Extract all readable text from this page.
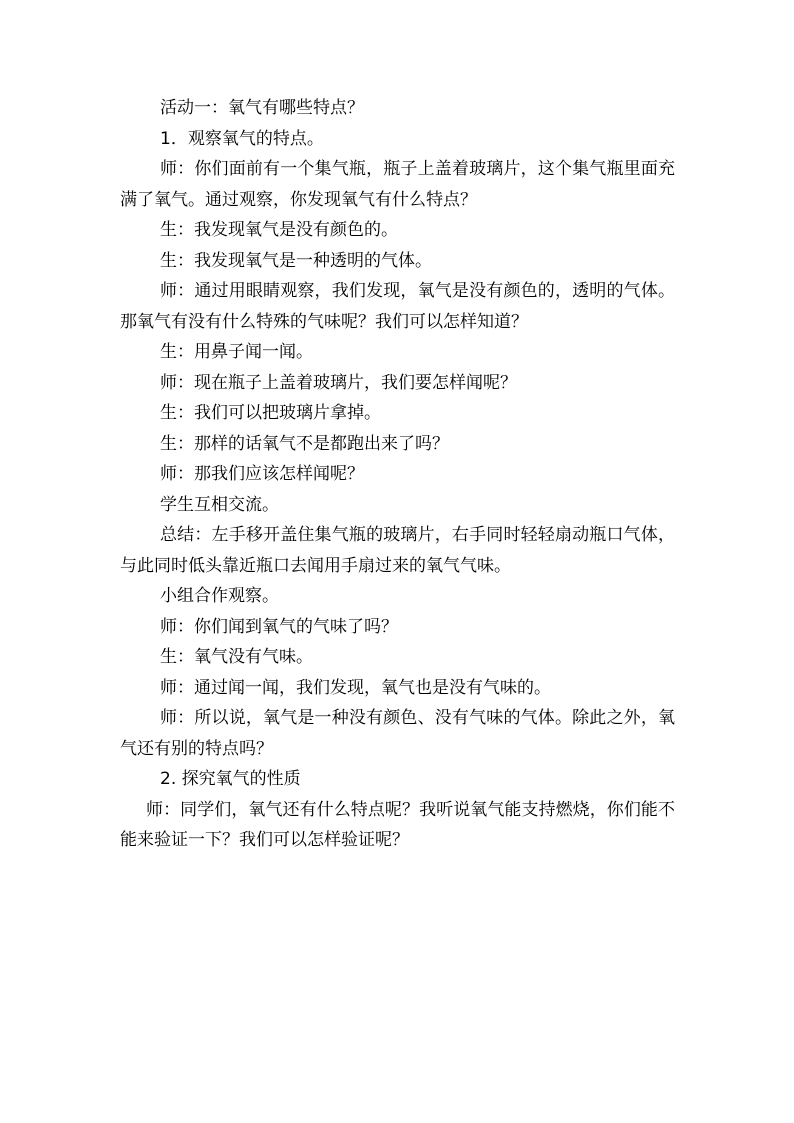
活动一：氧气有哪些特点？

1．观察氧气的特点。

师：你们面前有一个集气瓶，瓶子上盖着玻璃片，这个集气瓶里面充满了氧气。通过观察，你发现氧气有什么特点？

生：我发现氧气是没有颜色的。

生：我发现氧气是一种透明的气体。

师：通过用眼睛观察，我们发现，氧气是没有颜色的，透明的气体。那氧气有没有什么特殊的气味呢？我们可以怎样知道？

生：用鼻子闻一闻。

师：现在瓶子上盖着玻璃片，我们要怎样闻呢？

生：我们可以把玻璃片拿掉。

生：那样的话氧气不是都跑出来了吗？

师：那我们应该怎样闻呢？

学生互相交流。

总结：左手移开盖住集气瓶的玻璃片，右手同时轻轻扇动瓶口气体，与此同时低头靠近瓶口去闻用手扇过来的氧气气味。

小组合作观察。

师：你们闻到氧气的气味了吗？

生：氧气没有气味。

师：通过闻一闻，我们发现，氧气也是没有气味的。

师：所以说，氧气是一种没有颜色、没有气味的气体。除此之外，氧气还有别的特点吗？

2. 探究氧气的性质

师：同学们，氧气还有什么特点呢？我听说氧气能支持燃烧，你们能不能来验证一下？我们可以怎样验证呢？
